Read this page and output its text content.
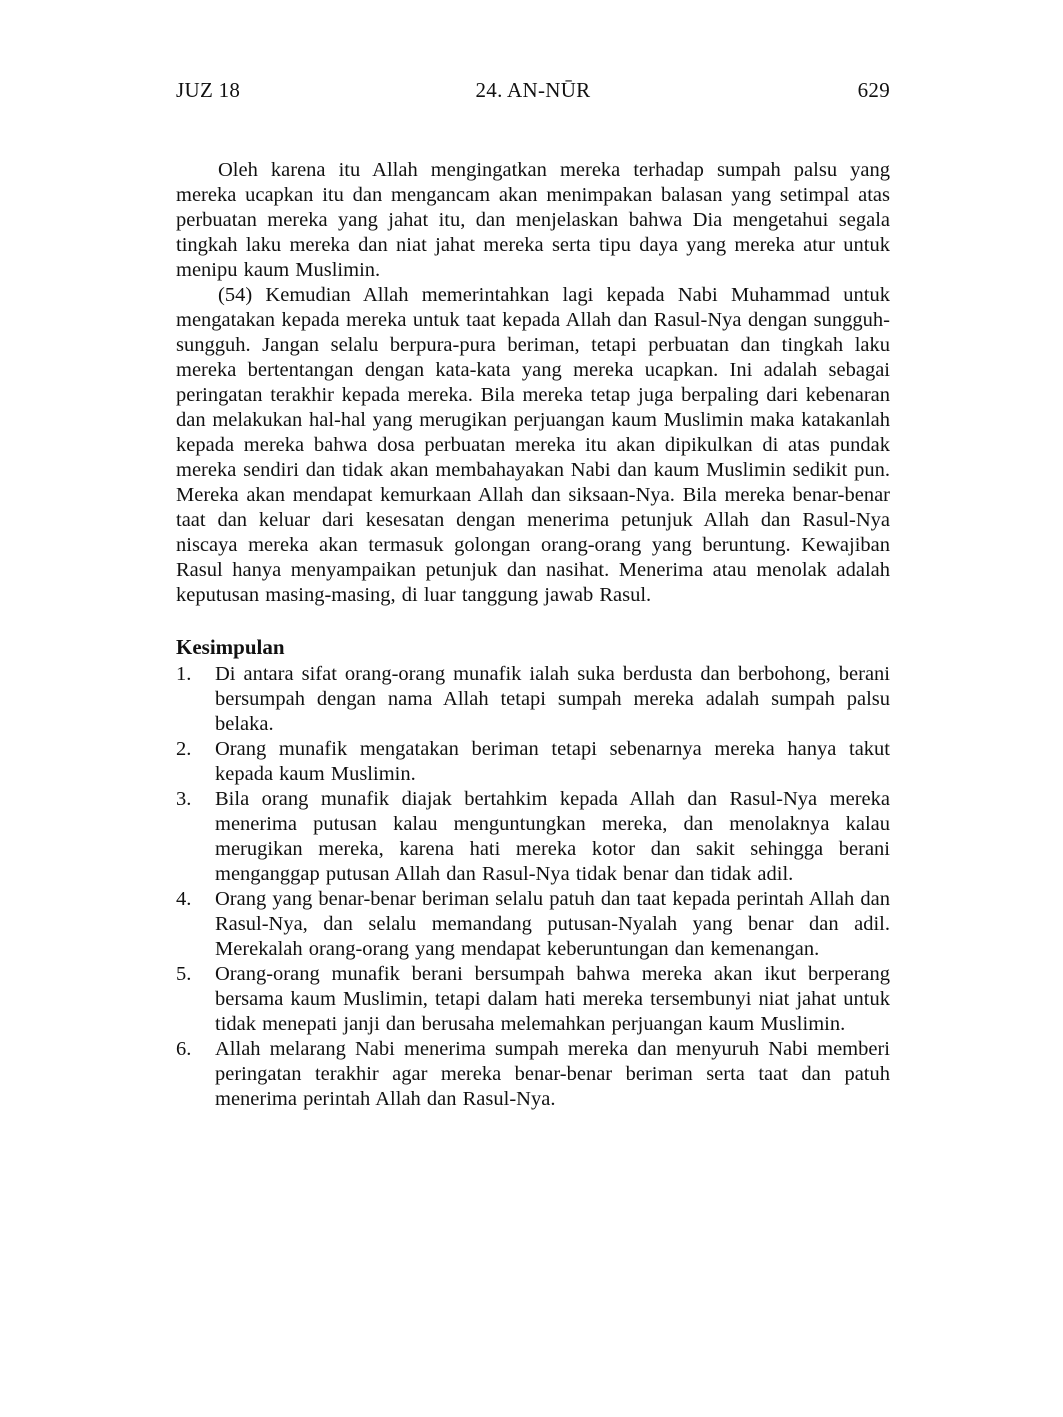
JUZ 18	24. AN-NŪR	629

Oleh karena itu Allah mengingatkan mereka terhadap sumpah palsu yang mereka ucapkan itu dan mengancam akan menimpakan balasan yang setimpal atas perbuatan mereka yang jahat itu, dan menjelaskan bahwa Dia mengetahui segala tingkah laku mereka dan niat jahat mereka serta tipu daya yang mereka atur untuk menipu kaum Muslimin.

(54) Kemudian Allah memerintahkan lagi kepada Nabi Muhammad untuk mengatakan kepada mereka untuk taat kepada Allah dan Rasul-Nya dengan sungguh-sungguh. Jangan selalu berpura-pura beriman, tetapi perbuatan dan tingkah laku mereka bertentangan dengan kata-kata yang mereka ucapkan. Ini adalah sebagai peringatan terakhir kepada mereka. Bila mereka tetap juga berpaling dari kebenaran dan melakukan hal-hal yang merugikan perjuangan kaum Muslimin maka katakanlah kepada mereka bahwa dosa perbuatan mereka itu akan dipikulkan di atas pundak mereka sendiri dan tidak akan membahayakan Nabi dan kaum Muslimin sedikit pun. Mereka akan mendapat kemurkaan Allah dan siksaan-Nya. Bila mereka benar-benar taat dan keluar dari kesesatan dengan menerima petunjuk Allah dan Rasul-Nya niscaya mereka akan termasuk golongan orang-orang yang beruntung. Kewajiban Rasul hanya menyampaikan petunjuk dan nasihat. Menerima atau menolak adalah keputusan masing-masing, di luar tanggung jawab Rasul.

Kesimpulan
1.	Di antara sifat orang-orang munafik ialah suka berdusta dan berbohong, berani bersumpah dengan nama Allah tetapi sumpah mereka adalah sumpah palsu belaka.
2.	Orang munafik mengatakan beriman tetapi sebenarnya mereka hanya takut kepada kaum Muslimin.
3.	Bila orang munafik diajak bertahkim kepada Allah dan Rasul-Nya mereka menerima putusan kalau menguntungkan mereka, dan menolaknya kalau merugikan mereka, karena hati mereka kotor dan sakit sehingga berani menganggap putusan Allah dan Rasul-Nya tidak benar dan tidak adil.
4.	Orang yang benar-benar beriman selalu patuh dan taat kepada perintah Allah dan Rasul-Nya, dan selalu memandang putusan-Nyalah yang benar dan adil. Merekalah orang-orang yang mendapat keberuntungan dan kemenangan.
5.	Orang-orang munafik berani bersumpah bahwa mereka akan ikut berperang bersama kaum Muslimin, tetapi dalam hati mereka tersembunyi niat jahat untuk tidak menepati janji dan berusaha melemahkan perjuangan kaum Muslimin.
6.	Allah melarang Nabi menerima sumpah mereka dan menyuruh Nabi memberi peringatan terakhir agar mereka benar-benar beriman serta taat dan patuh menerima perintah Allah dan Rasul-Nya.
